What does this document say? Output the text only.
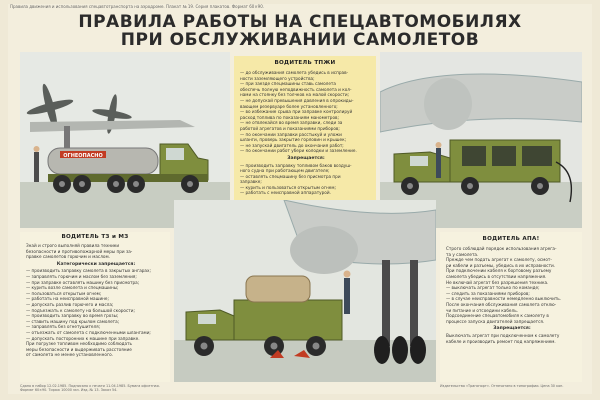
Правила движения и использования спецавтотранспорта на аэродроме. Плакат № 19. Серия плакатов. Формат 60×90.
ПРАВИЛА РАБОТЫ НА СПЕЦАВТОМОБИЛЯХ
ПРИ ОБСЛУЖИВАНИИ САМОЛЕТОВ
ОГНЕОПАСНО
ВОДИТЕЛЬ ТПЖИ
— до обслуживания самолета убедись в исправ-
ности заземляющего устройства;
— при заезде спецмашины ставь самолета
обеспечь полную неподвижность самолета и кол-
нами на стоянку без толчков на малой скорости;
— не допускай превышения давления в опрокиды-
вающем резервуаре более установленного;
— во избежание срыва при заправке контролируй
расход топлива по показаниям манометров;
— не отвлекайся во время заправки, следи за
работой агрегатов и показаниями приборов;
— по окончании заправки расстыкуй и уложи
шланги, проверь закрытие горловин и крышек;
— не запускай двигатель до окончания работ;
— по окончании работ убери колодки и заземление.
Запрещается:
— производить заправку топливом баков воздуш-
ного судна при работающем двигателе;
— оставлять спецмашину без присмотра при
заправке;
— курить и пользоваться открытым огнем;
— работать с неисправной аппаратурой.
ВОДИТЕЛЬ ТЗ и МЗ
Знай и строго выполняй правила техники
безопасности и противопожарной меры при за-
правке самолетов горючим и маслом.
Категорически запрещается:
— производить заправку самолета в закрытых ангарах;
— заправлять горючим и маслом без заземления;
— при заправке оставлять машину без присмотра;
— курить возле самолета и спецмашины;
— пользоваться открытым огнем;
— работать на неисправной машине;
— допускать разлив горючего и масла;
— подъезжать к самолету на большой скорости;
— производить заправку во время грозы;
— ставить машину под крылом самолета;
— заправлять без огнетушителя;
— отъезжать от самолета с подключенными шлангами;
— допускать посторонних к машине при заправке.
При погрузке топливом необходимо соблюдать
меры безопасности и выдерживать расстояние
от самолета не менее установленного.
ВОДИТЕЛЬ АПА!
Строго соблюдай порядок использования агрега-
та у самолета.
Прежде чем подать агрегат к самолету, осмот-
ри кабели и разъемы, убедись в их исправности.
При подключении кабеля к бортовому разъему
самолета убедись в отсутствии напряжения.
Не включай агрегат без разрешения техника.
— выключать агрегат только по команде;
— следить за показаниями приборов;
— в случае неисправности немедленно выключить.
После окончания обслуживания самолета отклю-
чи питание и отсоедини кабель.
Подсоединение спецавтомобиля к самолету в
процессе запуска двигателей запрещается.
Запрещается:
Выключать агрегат при подключенном к самолету
кабеле и производить ремонт под напряжением.
Сдано в набор 12.02.1985. Подписано к печати 11.04.1985. Бумага офсетная. Формат 60×90. Тираж 10000 экз. Изд. № 13. Заказ 54.
Издательство «Транспорт». Отпечатано в типографии. Цена 30 коп.
